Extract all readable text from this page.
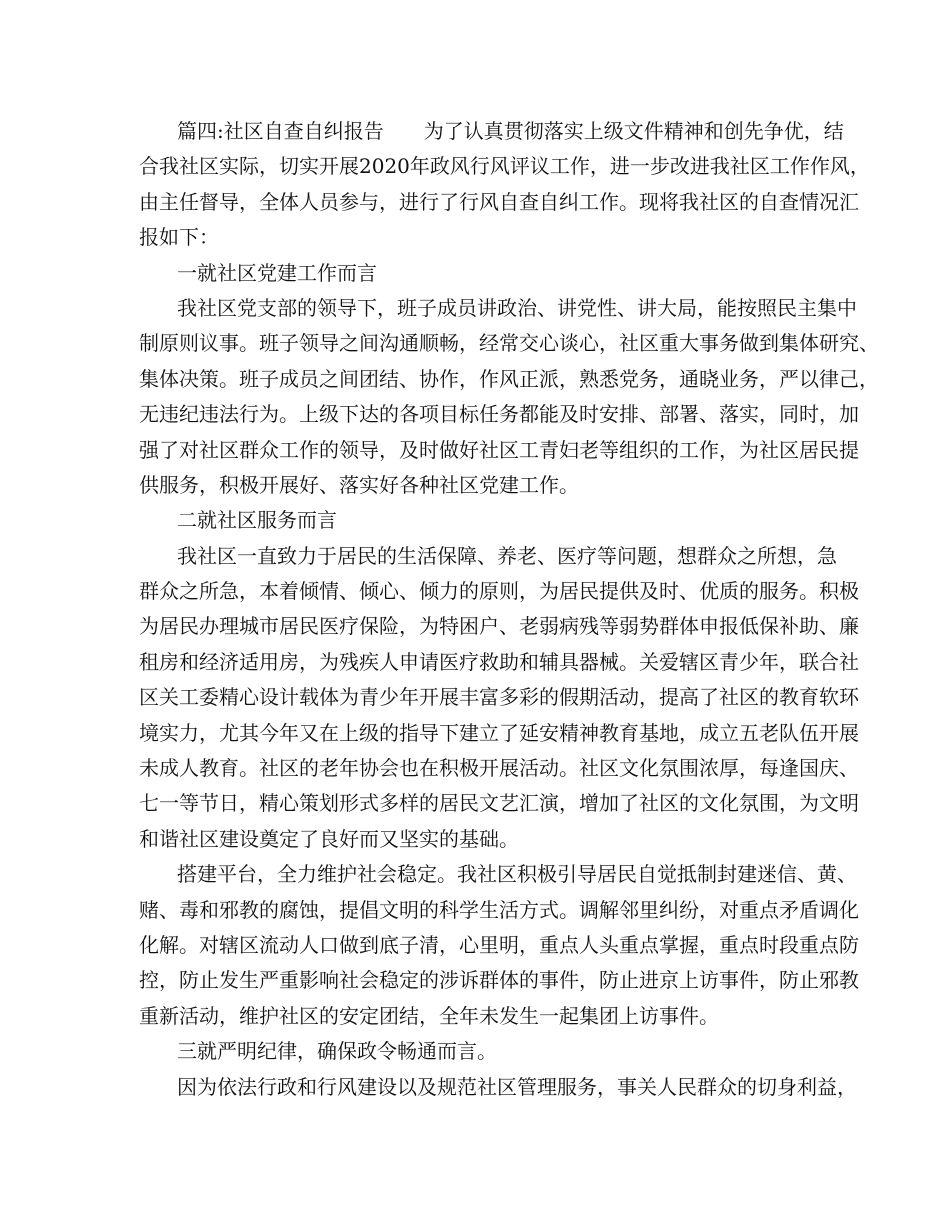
篇四:社区自查自纠报告 为了认真贯彻落实上级文件精神和创先争优，结
合我社区实际，切实开展2020年政风行风评议工作，进一步改进我社区工作作风，
由主任督导，全体人员参与，进行了行风自查自纠工作。现将我社区的自查情况汇
报如下：
一就社区党建工作而言
我社区党支部的领导下，班子成员讲政治、讲党性、讲大局，能按照民主集中
制原则议事。班子领导之间沟通顺畅，经常交心谈心，社区重大事务做到集体研究、
集体决策。班子成员之间团结、协作，作风正派，熟悉党务，通晓业务，严以律己，
无违纪违法行为。上级下达的各项目标任务都能及时安排、部署、落实，同时，加
强了对社区群众工作的领导，及时做好社区工青妇老等组织的工作，为社区居民提
供服务，积极开展好、落实好各种社区党建工作。
二就社区服务而言
我社区一直致力于居民的生活保障、养老、医疗等问题，想群众之所想，急
群众之所急，本着倾情、倾心、倾力的原则，为居民提供及时、优质的服务。积极
为居民办理城市居民医疗保险，为特困户、老弱病残等弱势群体申报低保补助、廉
租房和经济适用房，为残疾人申请医疗救助和辅具器械。关爱辖区青少年，联合社
区关工委精心设计载体为青少年开展丰富多彩的假期活动，提高了社区的教育软环
境实力，尤其今年又在上级的指导下建立了延安精神教育基地，成立五老队伍开展
未成人教育。社区的老年协会也在积极开展活动。社区文化氛围浓厚，每逢国庆、
七一等节日，精心策划形式多样的居民文艺汇演，增加了社区的文化氛围，为文明
和谐社区建设奠定了良好而又坚实的基础。
搭建平台，全力维护社会稳定。我社区积极引导居民自觉抵制封建迷信、黄、
赌、毒和邪教的腐蚀，提倡文明的科学生活方式。调解邻里纠纷，对重点矛盾调化
化解。对辖区流动人口做到底子清，心里明，重点人头重点掌握，重点时段重点防
控，防止发生严重影响社会稳定的涉诉群体的事件，防止进京上访事件，防止邪教
重新活动，维护社区的安定团结，全年未发生一起集团上访事件。
三就严明纪律，确保政令畅通而言。
因为依法行政和行风建设以及规范社区管理服务，事关人民群众的切身利益，
